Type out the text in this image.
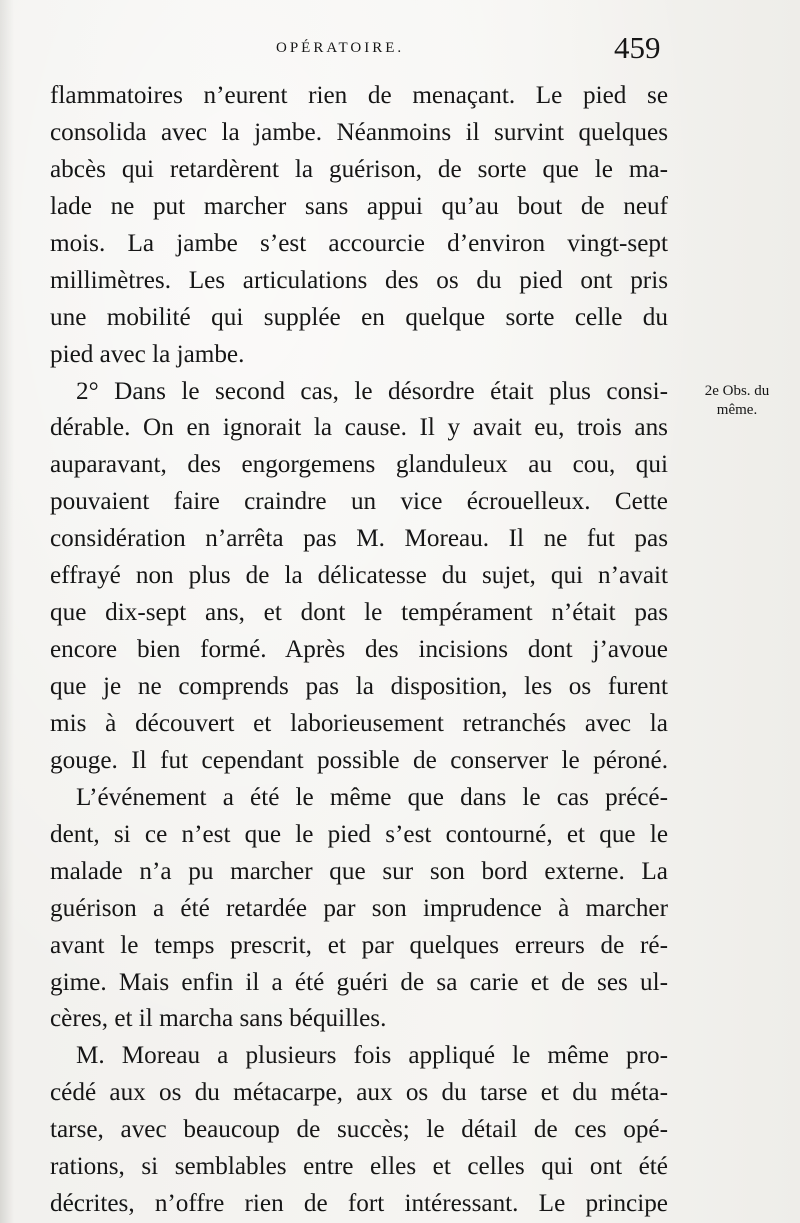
OPÉRATOIRE.	459
2e Obs. du
même.
flammatoires n’eurent rien de menaçant. Le pied se
consolida avec la jambe. Néanmoins il survint quelques
abcès qui retardèrent la guérison, de sorte que le ma-
lade ne put marcher sans appui qu’au bout de neuf
mois. La jambe s’est accourcie d’environ vingt-sept
millimètres. Les articulations des os du pied ont pris
une mobilité qui supplée en quelque sorte celle du
pied avec la jambe.
2° Dans le second cas, le désordre était plus consi-
dérable. On en ignorait la cause. Il y avait eu, trois ans
auparavant, des engorgemens glanduleux au cou, qui
pouvaient faire craindre un vice écrouelleux. Cette
considération n’arrêta pas M. Moreau. Il ne fut pas
effrayé non plus de la délicatesse du sujet, qui n’avait
que dix-sept ans, et dont le tempérament n’était pas
encore bien formé. Après des incisions dont j’avoue
que je ne comprends pas la disposition, les os furent
mis à découvert et laborieusement retranchés avec la
gouge. Il fut cependant possible de conserver le péroné.
L’événement a été le même que dans le cas précé-
dent, si ce n’est que le pied s’est contourné, et que le
malade n’a pu marcher que sur son bord externe. La
guérison a été retardée par son imprudence à marcher
avant le temps prescrit, et par quelques erreurs de ré-
gime. Mais enfin il a été guéri de sa carie et de ses ul-
cères, et il marcha sans béquilles.
M. Moreau a plusieurs fois appliqué le même pro-
cédé aux os du métacarpe, aux os du tarse et du méta-
tarse, avec beaucoup de succès; le détail de ces opé-
rations, si semblables entre elles et celles qui ont été
décrites, n’offre rien de fort intéressant. Le principe
